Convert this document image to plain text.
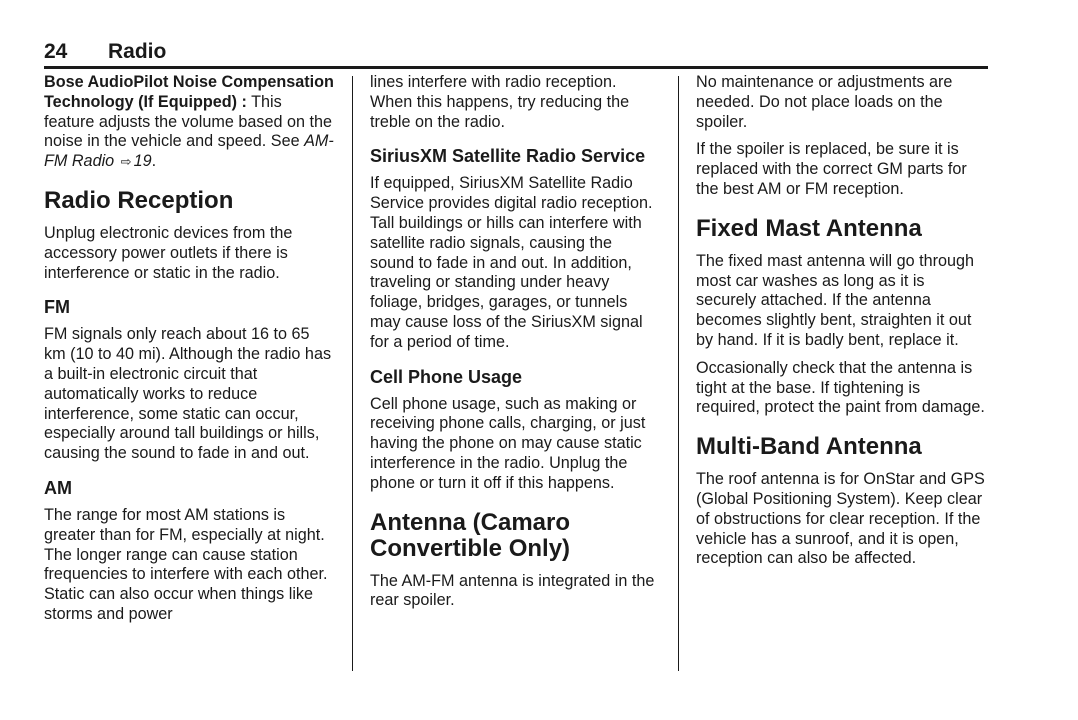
24 Radio

Bose AudioPilot Noise Compensation Technology (If Equipped) : This feature adjusts the volume based on the noise in the vehicle and speed. See AM-FM Radio ⇨ 19.

Radio Reception

Unplug electronic devices from the accessory power outlets if there is interference or static in the radio.

FM

FM signals only reach about 16 to 65 km (10 to 40 mi). Although the radio has a built-in electronic circuit that automatically works to reduce interference, some static can occur, especially around tall buildings or hills, causing the sound to fade in and out.

AM

The range for most AM stations is greater than for FM, especially at night. The longer range can cause station frequencies to interfere with each other. Static can also occur when things like storms and power

lines interfere with radio reception. When this happens, try reducing the treble on the radio.

SiriusXM Satellite Radio Service

If equipped, SiriusXM Satellite Radio Service provides digital radio reception. Tall buildings or hills can interfere with satellite radio signals, causing the sound to fade in and out. In addition, traveling or standing under heavy foliage, bridges, garages, or tunnels may cause loss of the SiriusXM signal for a period of time.

Cell Phone Usage

Cell phone usage, such as making or receiving phone calls, charging, or just having the phone on may cause static interference in the radio. Unplug the phone or turn it off if this happens.

Antenna (Camaro Convertible Only)

The AM-FM antenna is integrated in the rear spoiler.

No maintenance or adjustments are needed. Do not place loads on the spoiler.

If the spoiler is replaced, be sure it is replaced with the correct GM parts for the best AM or FM reception.

Fixed Mast Antenna

The fixed mast antenna will go through most car washes as long as it is securely attached. If the antenna becomes slightly bent, straighten it out by hand. If it is badly bent, replace it.

Occasionally check that the antenna is tight at the base. If tightening is required, protect the paint from damage.

Multi-Band Antenna

The roof antenna is for OnStar and GPS (Global Positioning System). Keep clear of obstructions for clear reception. If the vehicle has a sunroof, and it is open, reception can also be affected.
